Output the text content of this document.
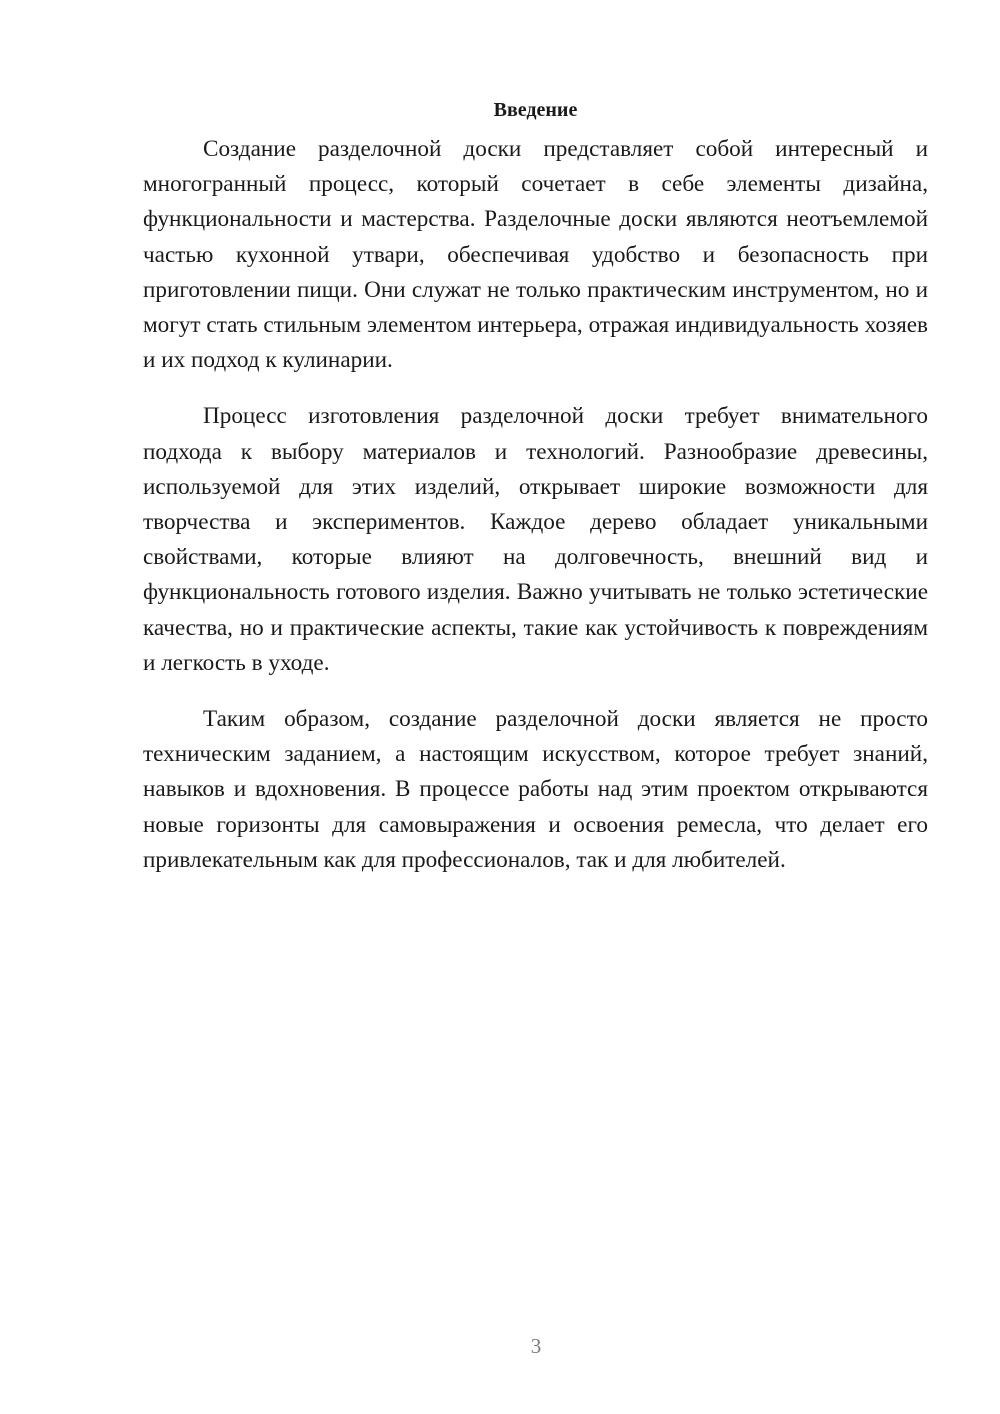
Введение

Создание разделочной доски представляет собой интересный и многогранный процесс, который сочетает в себе элементы дизайна, функциональности и мастерства. Разделочные доски являются неотъемлемой частью кухонной утвари, обеспечивая удобство и безопасность при приготовлении пищи. Они служат не только практическим инструментом, но и могут стать стильным элементом интерьера, отражая индивидуальность хозяев и их подход к кулинарии.

Процесс изготовления разделочной доски требует внимательного подхода к выбору материалов и технологий. Разнообразие древесины, используемой для этих изделий, открывает широкие возможности для творчества и экспериментов. Каждое дерево обладает уникальными свойствами, которые влияют на долговечность, внешний вид и функциональность готового изделия. Важно учитывать не только эстетические качества, но и практические аспекты, такие как устойчивость к повреждениям и легкость в уходе.

Таким образом, создание разделочной доски является не просто техническим заданием, а настоящим искусством, которое требует знаний, навыков и вдохновения. В процессе работы над этим проектом открываются новые горизонты для самовыражения и освоения ремесла, что делает его привлекательным как для профессионалов, так и для любителей.

3
